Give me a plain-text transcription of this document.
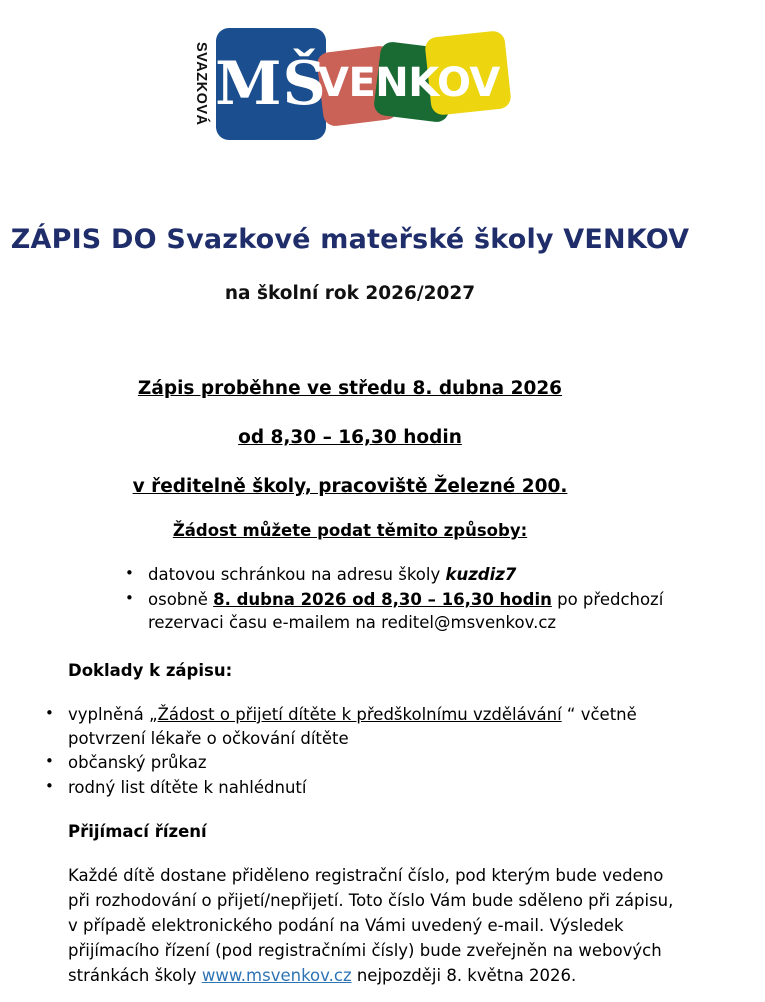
SVAZKOVÁ MŠ
VENKOV
ZÁPIS DO Svazkové mateřské školy VENKOV
na školní rok 2026/2027
Zápis proběhne ve středu 8. dubna 2026
od 8,30 – 16,30 hodin
v ředitelně školy, pracoviště Železné 200.
Žádost můžete podat těmito způsoby:
• datovou schránkou na adresu školy kuzdiz7
• osobně 8. dubna 2026 od 8,30 – 16,30 hodin po předchozí rezervaci času e-mailem na reditel@msvenkov.cz
Doklady k zápisu:
• vyplněná „Žádost o přijetí dítěte k předškolnímu vzdělávání “ včetně potvrzení lékaře o očkování dítěte
• občanský průkaz
• rodný list dítěte k nahlédnutí
Přijímací řízení
Každé dítě dostane přiděleno registrační číslo, pod kterým bude vedeno při rozhodování o přijetí/nepřijetí. Toto číslo Vám bude sděleno při zápisu, v případě elektronického podání na Vámi uvedený e-mail. Výsledek přijímacího řízení (pod registračními čísly) bude zveřejněn na webových stránkách školy www.msvenkov.cz nejpozději 8. května 2026.
